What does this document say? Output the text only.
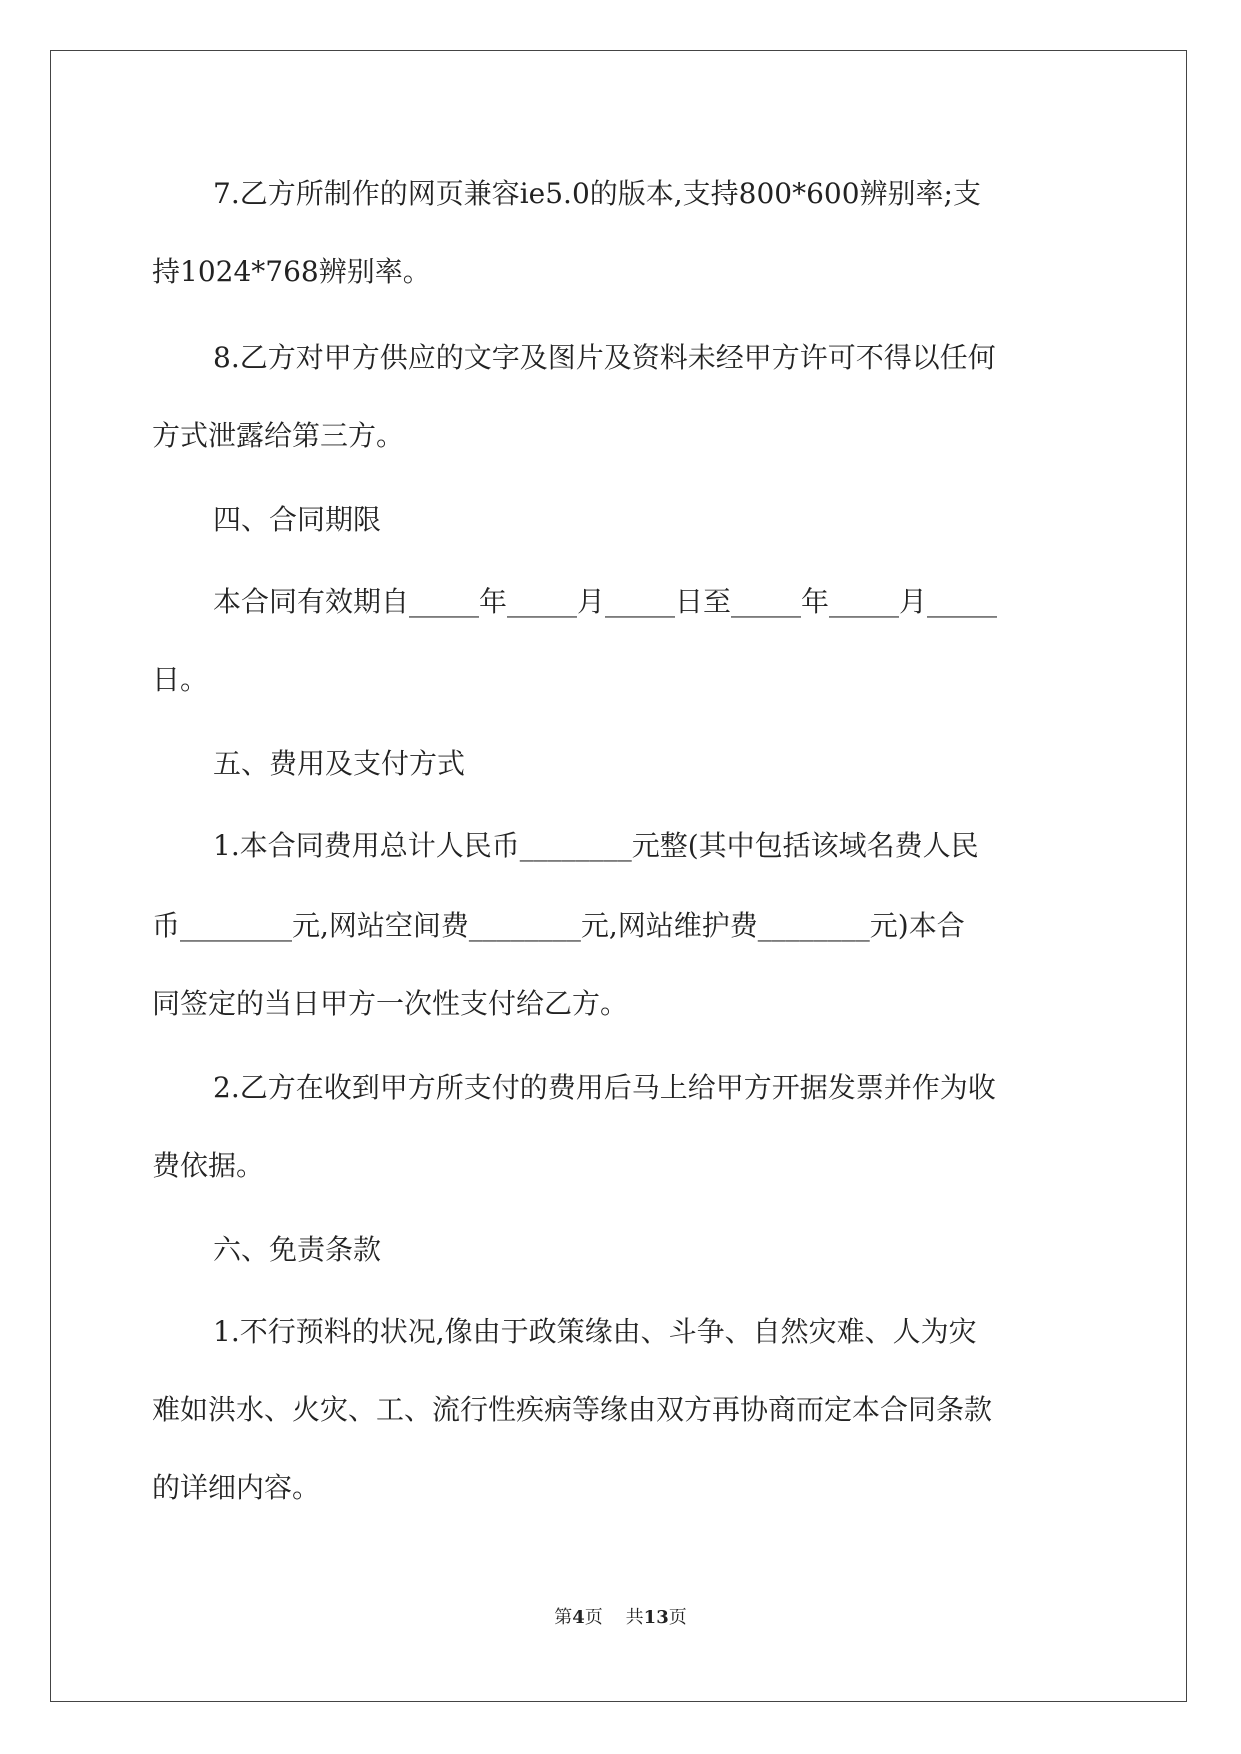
7.乙方所制作的网页兼容ie5.0的版本,支持800*600辨别率;支
持1024*768辨别率。
8.乙方对甲方供应的文字及图片及资料未经甲方许可不得以任何
方式泄露给第三方。
四、合同期限
本合同有效期自_____年_____月_____日至_____年_____月_____
日。
五、费用及支付方式
1.本合同费用总计人民币________元整(其中包括该域名费人民
币________元,网站空间费________元,网站维护费________元)本合
同签定的当日甲方一次性支付给乙方。
2.乙方在收到甲方所支付的费用后马上给甲方开据发票并作为收
费依据。
六、免责条款
1.不行预料的状况,像由于政策缘由、斗争、自然灾难、人为灾
难如洪水、火灾、工、流行性疾病等缘由双方再协商而定本合同条款
的详细内容。
第4页 共13页
